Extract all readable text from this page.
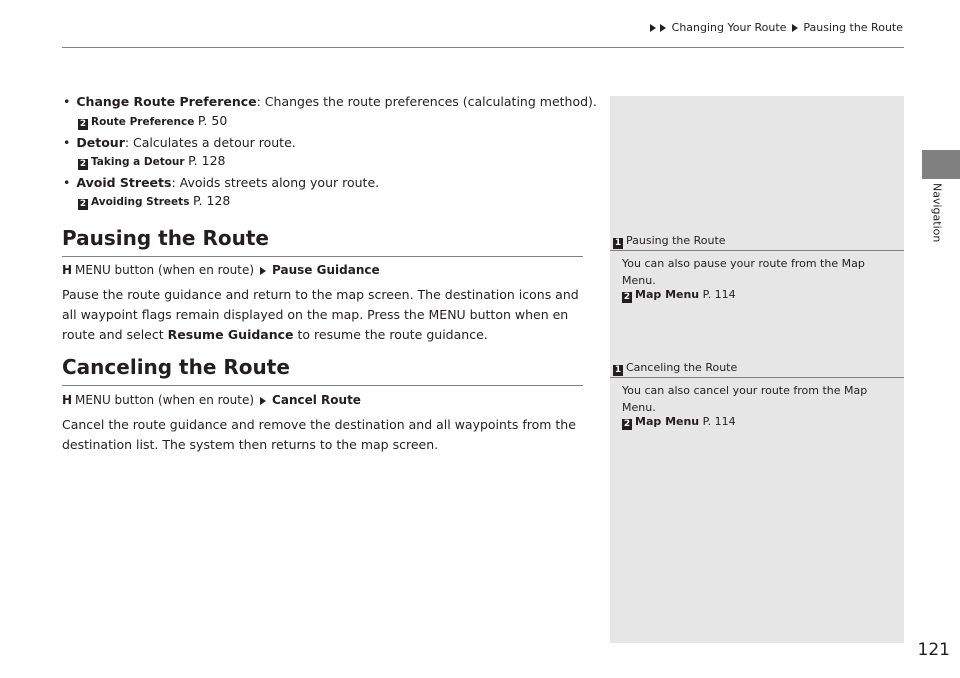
Changing Your Route Pausing the Route
Navigation
• Change Route Preference: Changes the route preferences (calculating method).
2 Route Preference P. 50
• Detour: Calculates a detour route.
2 Taking a Detour P. 128
• Avoid Streets: Avoids streets along your route.
2 Avoiding Streets P. 128
Pausing the Route
H MENU button (when en route) Pause Guidance
Pause the route guidance and return to the map screen. The destination icons and all waypoint flags remain displayed on the map. Press the MENU button when en route and select Resume Guidance to resume the route guidance.
Canceling the Route
H MENU button (when en route) Cancel Route
Cancel the route guidance and remove the destination and all waypoints from the destination list. The system then returns to the map screen.
1 Pausing the Route
You can also pause your route from the Map Menu.
2 Map Menu P. 114
1 Canceling the Route
You can also cancel your route from the Map Menu.
2 Map Menu P. 114
121
